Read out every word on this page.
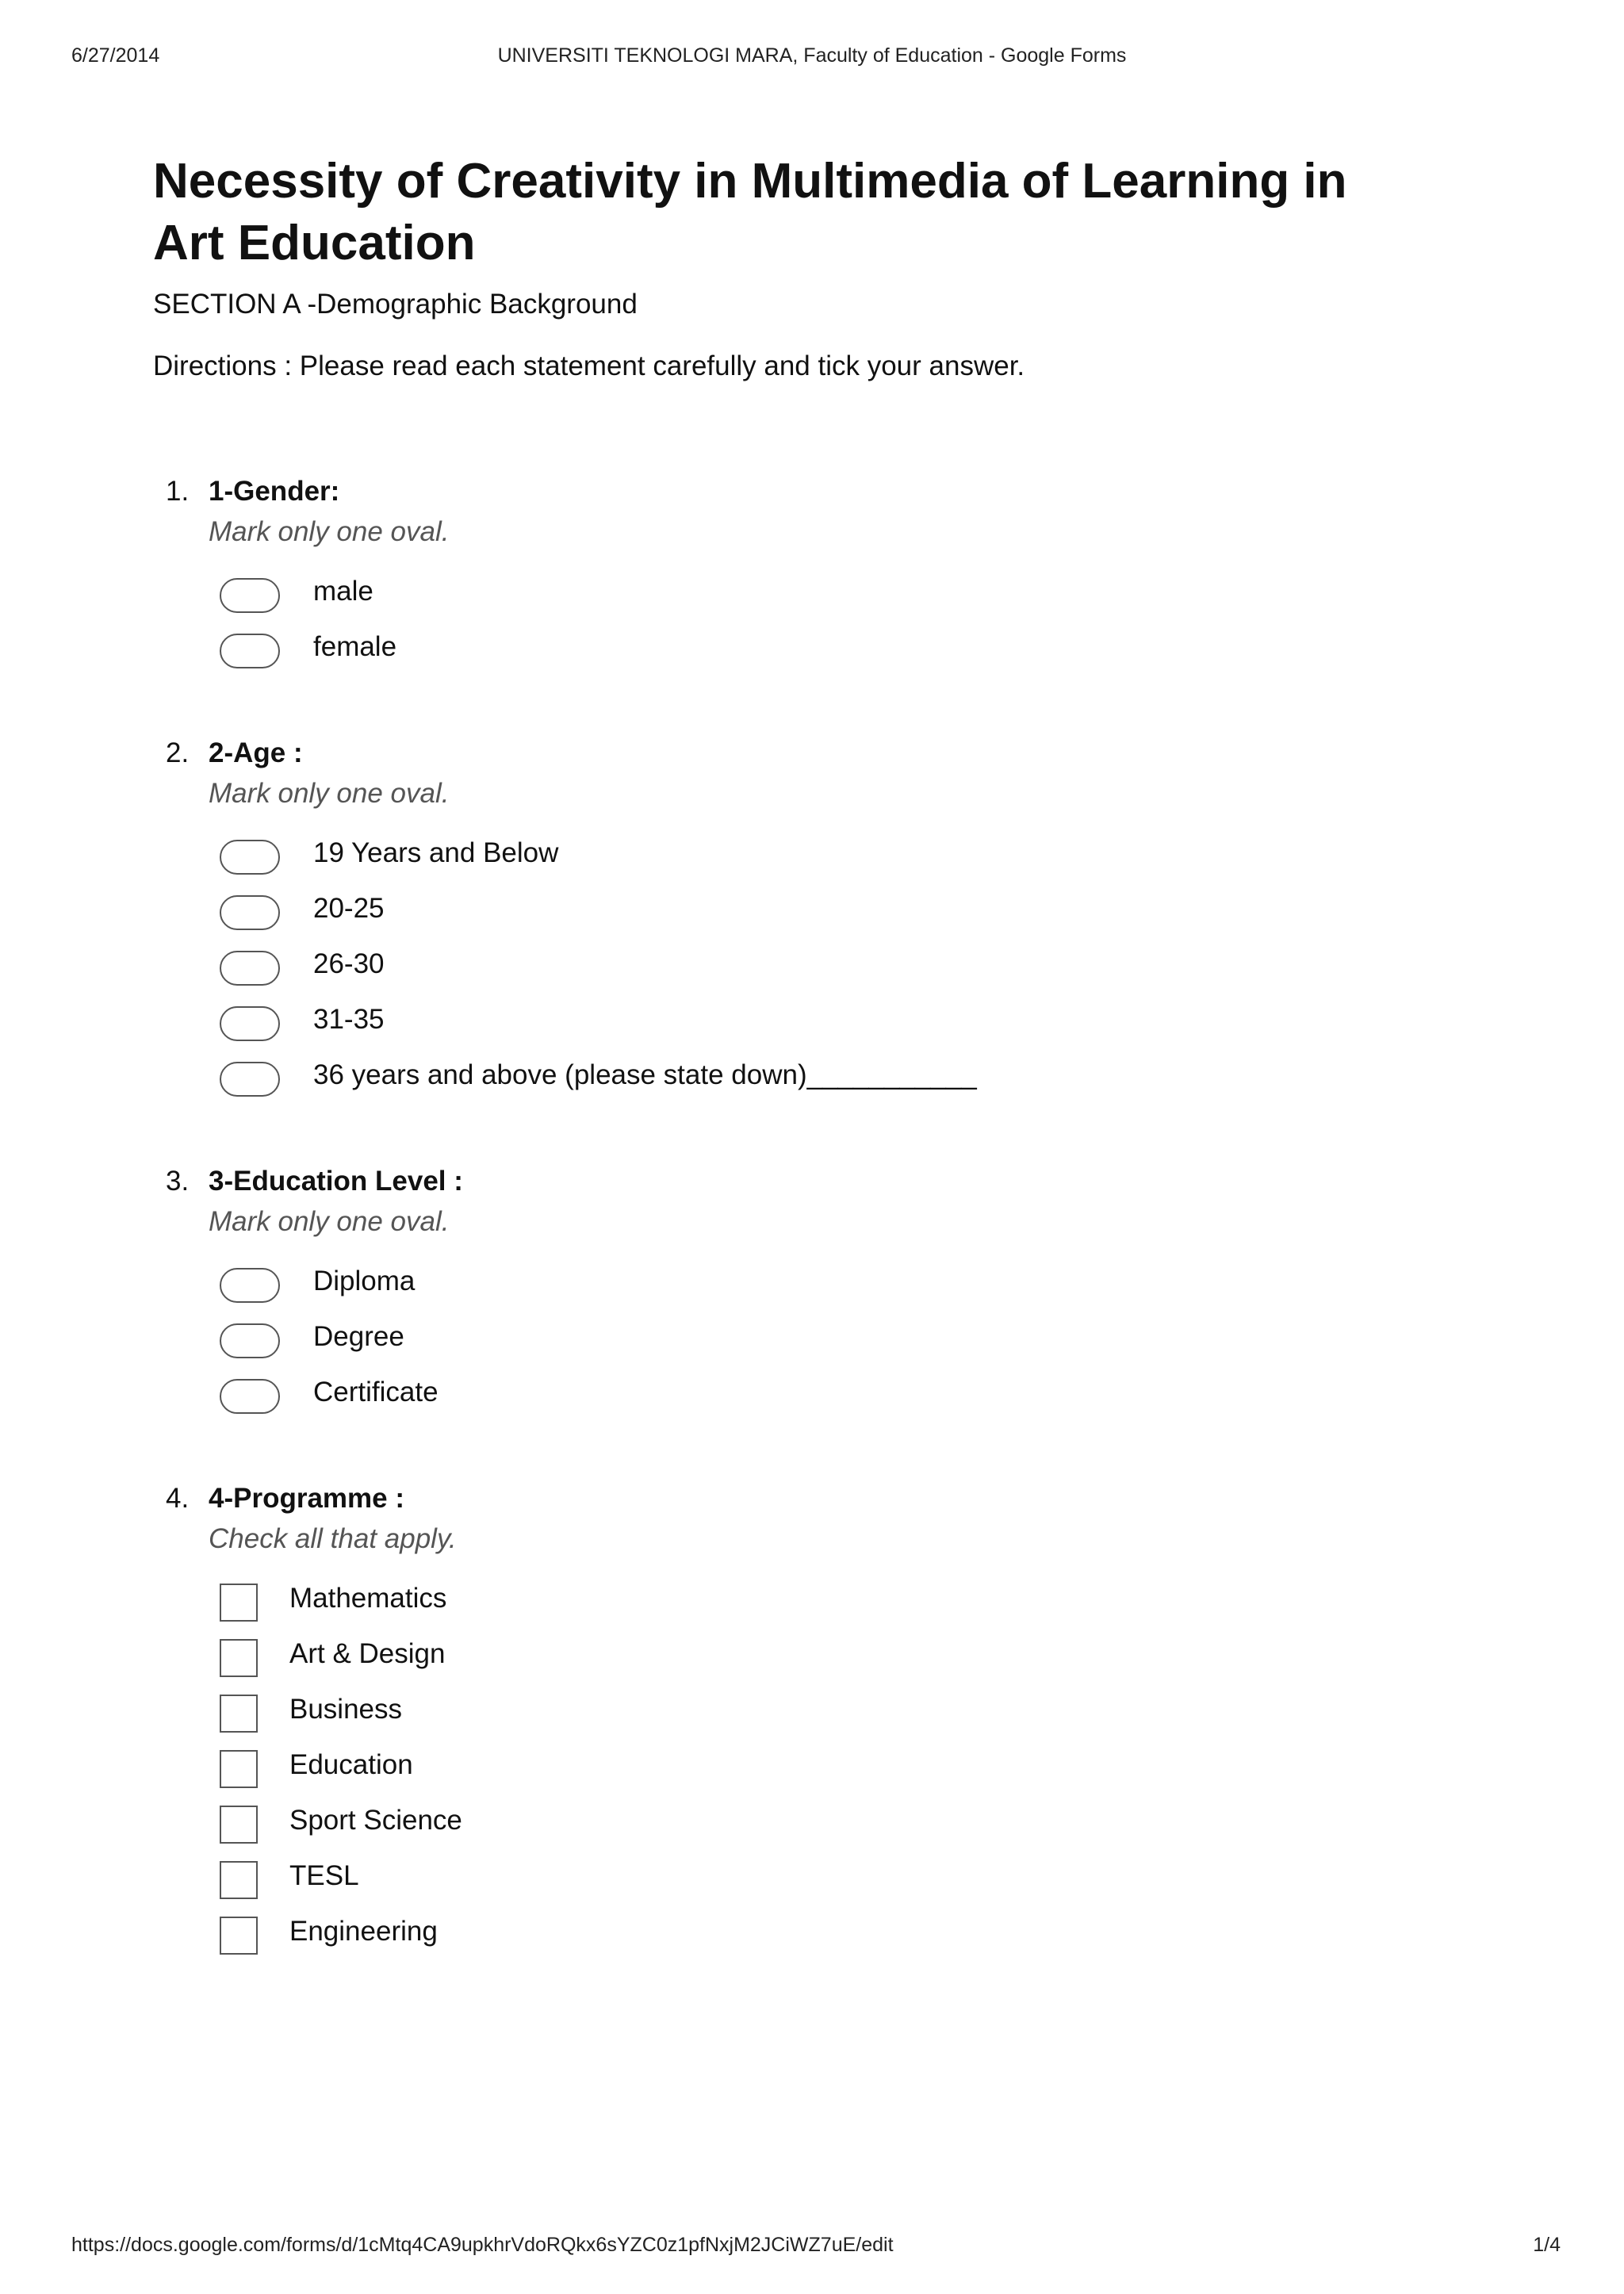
6/27/2014	UNIVERSITI TEKNOLOGI MARA, Faculty of Education - Google Forms
Necessity of Creativity in Multimedia of Learning in
Art Education
SECTION A -Demographic Background
Directions : Please read each statement carefully and tick your answer.
1. 1-Gender:
Mark only one oval.
male
female
2. 2-Age :
Mark only one oval.
19 Years and Below
20-25
26-30
31-35
36 years and above (please state down)___________
3. 3-Education Level :
Mark only one oval.
Diploma
Degree
Certificate
4. 4-Programme :
Check all that apply.
Mathematics
Art & Design
Business
Education
Sport Science
TESL
Engineering
https://docs.google.com/forms/d/1cMtq4CA9upkhrVdoRQkx6sYZC0z1pfNxjM2JCiWZ7uE/edit	1/4
